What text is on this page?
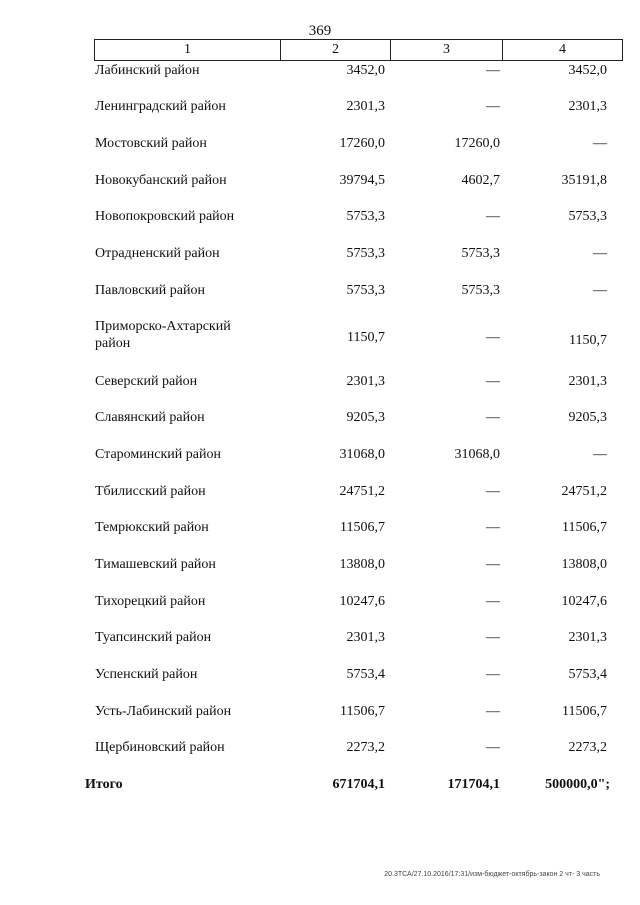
369
1	2	3	4
Лабинский район	3452,0	—	3452,0
Ленинградский район	2301,3	—	2301,3
Мостовский район	17260,0	17260,0	—
Новокубанский район	39794,5	4602,7	35191,8
Новопокровский район	5753,3	—	5753,3
Отрадненский район	5753,3	5753,3	—
Павловский район	5753,3	5753,3	—
Приморско-Ахтарский район	1150,7	—	1150,7
Северский район	2301,3	—	2301,3
Славянский район	9205,3	—	9205,3
Староминский район	31068,0	31068,0	—
Тбилисский район	24751,2	—	24751,2
Темрюкский район	11506,7	—	11506,7
Тимашевский район	13808,0	—	13808,0
Тихорецкий район	10247,6	—	10247,6
Туапсинский район	2301,3	—	2301,3
Успенский район	5753,4	—	5753,4
Усть-Лабинский район	11506,7	—	11506,7
Щербиновский район	2273,2	—	2273,2
Итого	671704,1	171704,1	500000,0";
20.3ТСА/27.10.2016/17:31/изм-бюджет-октябрь-закон 2 чт- 3 часть
